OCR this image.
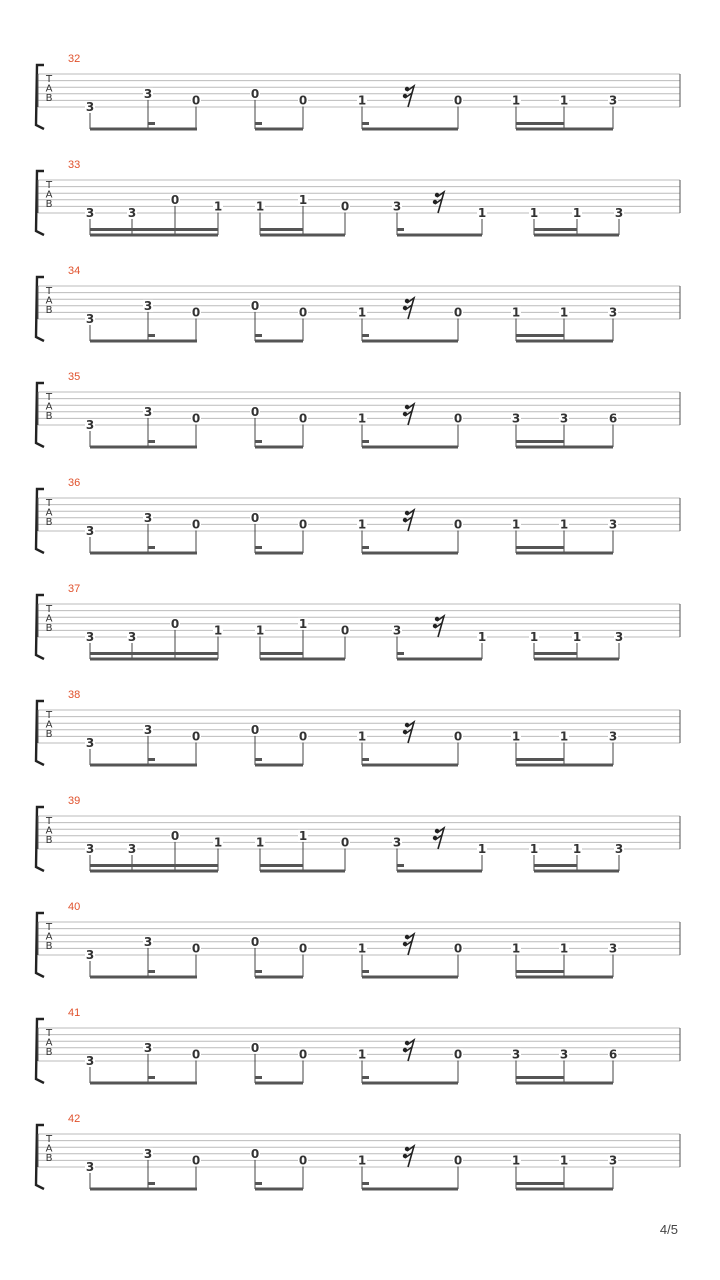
32
T
A
B
3
3	0	0	0	1	0	1	1	3
33
T
A
B
3	3
0	1	1	1	0	3	1	1	1	3
34
T
A
B
3
3	0	0	0	1	0	1	1	3
35
T
A
B
3
3	0	0	0	1	0	3	3	6
36
T
A
B
3
3	0	0	0	1	0	1	1	3
37
T
A
B
3	3
0	1	1	1	0	3	1	1	1	3
38
T
A
B
3
3	0	0	0	1	0	1	1	3
39
T
A
B
3	3
0	1	1	1	0	3	1	1	1	3
40
T
A
B
3
3	0	0	0	1	0	1	1	3
41
T
A
B
3
3	0	0	0	1	0	3	3	6
42
T
A
B
3
3	0	0	0	1	0	1	1	3
4/5
